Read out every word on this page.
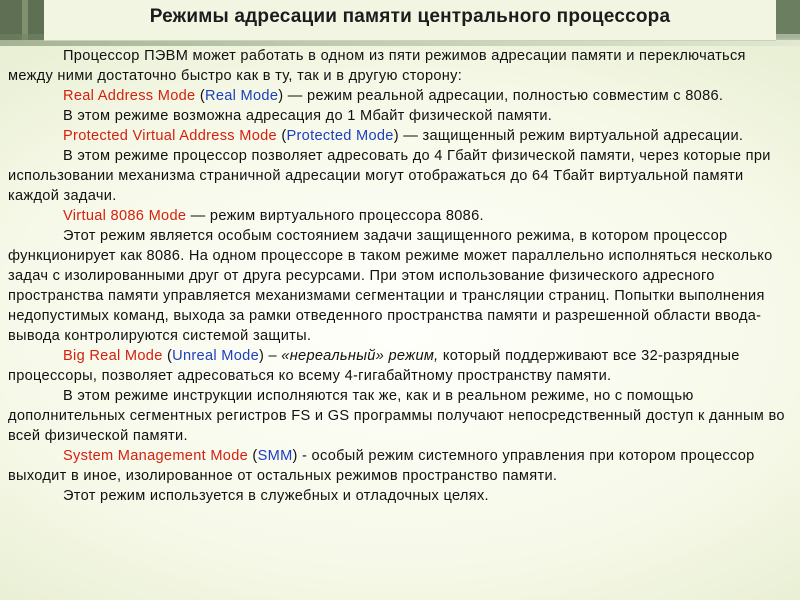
Режимы адресации памяти центрального процессора

Процессор ПЭВМ может работать в одном из пяти режимов адресации памяти и переключаться между ними достаточно быстро как в ту, так и в другую сторону:

Real Address Mode (Real Mode) — режим реальной адресации, полностью совместим с 8086.

В этом режиме возможна адресация до 1 Мбайт физической памяти.

Protected Virtual Address Mode (Protected Mode) — защищенный режим виртуальной адресации.

В этом режиме процессор позволяет адресовать до 4 Гбайт физической памяти, через которые при использовании механизма страничной адресации могут отображаться до 64 Тбайт виртуальной памяти каждой задачи.

Virtual 8086 Mode — режим виртуального процессора 8086.

Этот режим является особым состоянием задачи защищенного режима, в котором процессор функционирует как 8086. На одном процессоре в таком режиме может параллельно исполняться несколько задач с изолированными друг от друга ресурсами. При этом использование физического адресного пространства памяти управляется механизмами сегментации и трансляции страниц. Попытки выполнения недопустимых команд, выхода за рамки отведенного пространства памяти и разрешенной области ввода-вывода контролируются системой защиты.

Big Real Mode (Unreal Mode) – «нереальный» режим, который поддерживают все 32-разрядные процессоры, позволяет адресоваться ко всему 4-гигабайтному пространству памяти.

В этом режиме инструкции исполняются так же, как и в реальном режиме, но с помощью дополнительных сегментных регистров FS и GS программы получают непосредственный доступ к данным во всей физической памяти.

System Management Mode (SMM) - особый режим системного управления при котором процессор выходит в иное, изолированное от остальных режимов пространство памяти.

Этот режим используется в служебных и отладочных целях.
